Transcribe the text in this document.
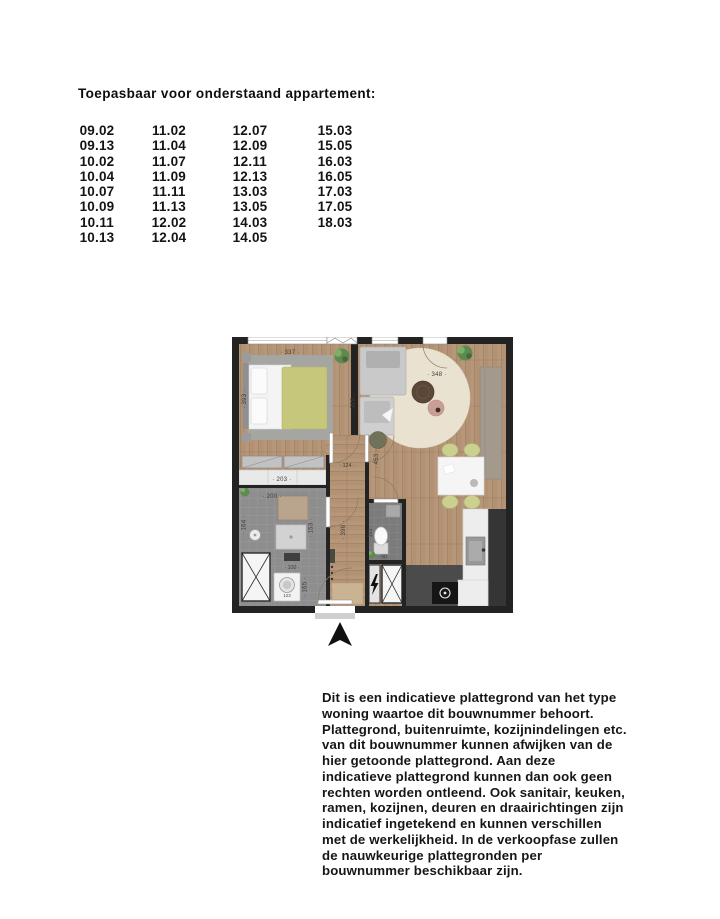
Toepasbaar voor onderstaand appartement:
09.02
09.13
10.02
10.04
10.07
10.09
10.11
10.13
11.02
11.04
11.07
11.09
11.11
11.13
12.02
12.04
12.07
12.09
12.11
12.13
13.03
13.05
14.03
14.05
15.03
15.05
16.03
16.05
17.03
17.05
18.03
· 337 ·
· 393 ·	· 328 ·
· 348 ·
· 453 ·
· 203 ·
· 124 ·
· 396 ·
· 200 ·
· 164 ·	· 153 ·
· 100 ·
· 165 ·
123
· 90 ·
· 153 ·
Dit is een indicatieve plattegrond van het type
woning waartoe dit bouwnummer behoort.
Plattegrond, buitenruimte, kozijnindelingen etc.
van dit bouwnummer kunnen afwijken van de
hier getoonde plattegrond. Aan deze
indicatieve plattegrond kunnen dan ook geen
rechten worden ontleend. Ook sanitair, keuken,
ramen, kozijnen, deuren en draairichtingen zijn
indicatief ingetekend en kunnen verschillen
met de werkelijkheid. In de verkoopfase zullen
de nauwkeurige plattegronden per
bouwnummer beschikbaar zijn.
